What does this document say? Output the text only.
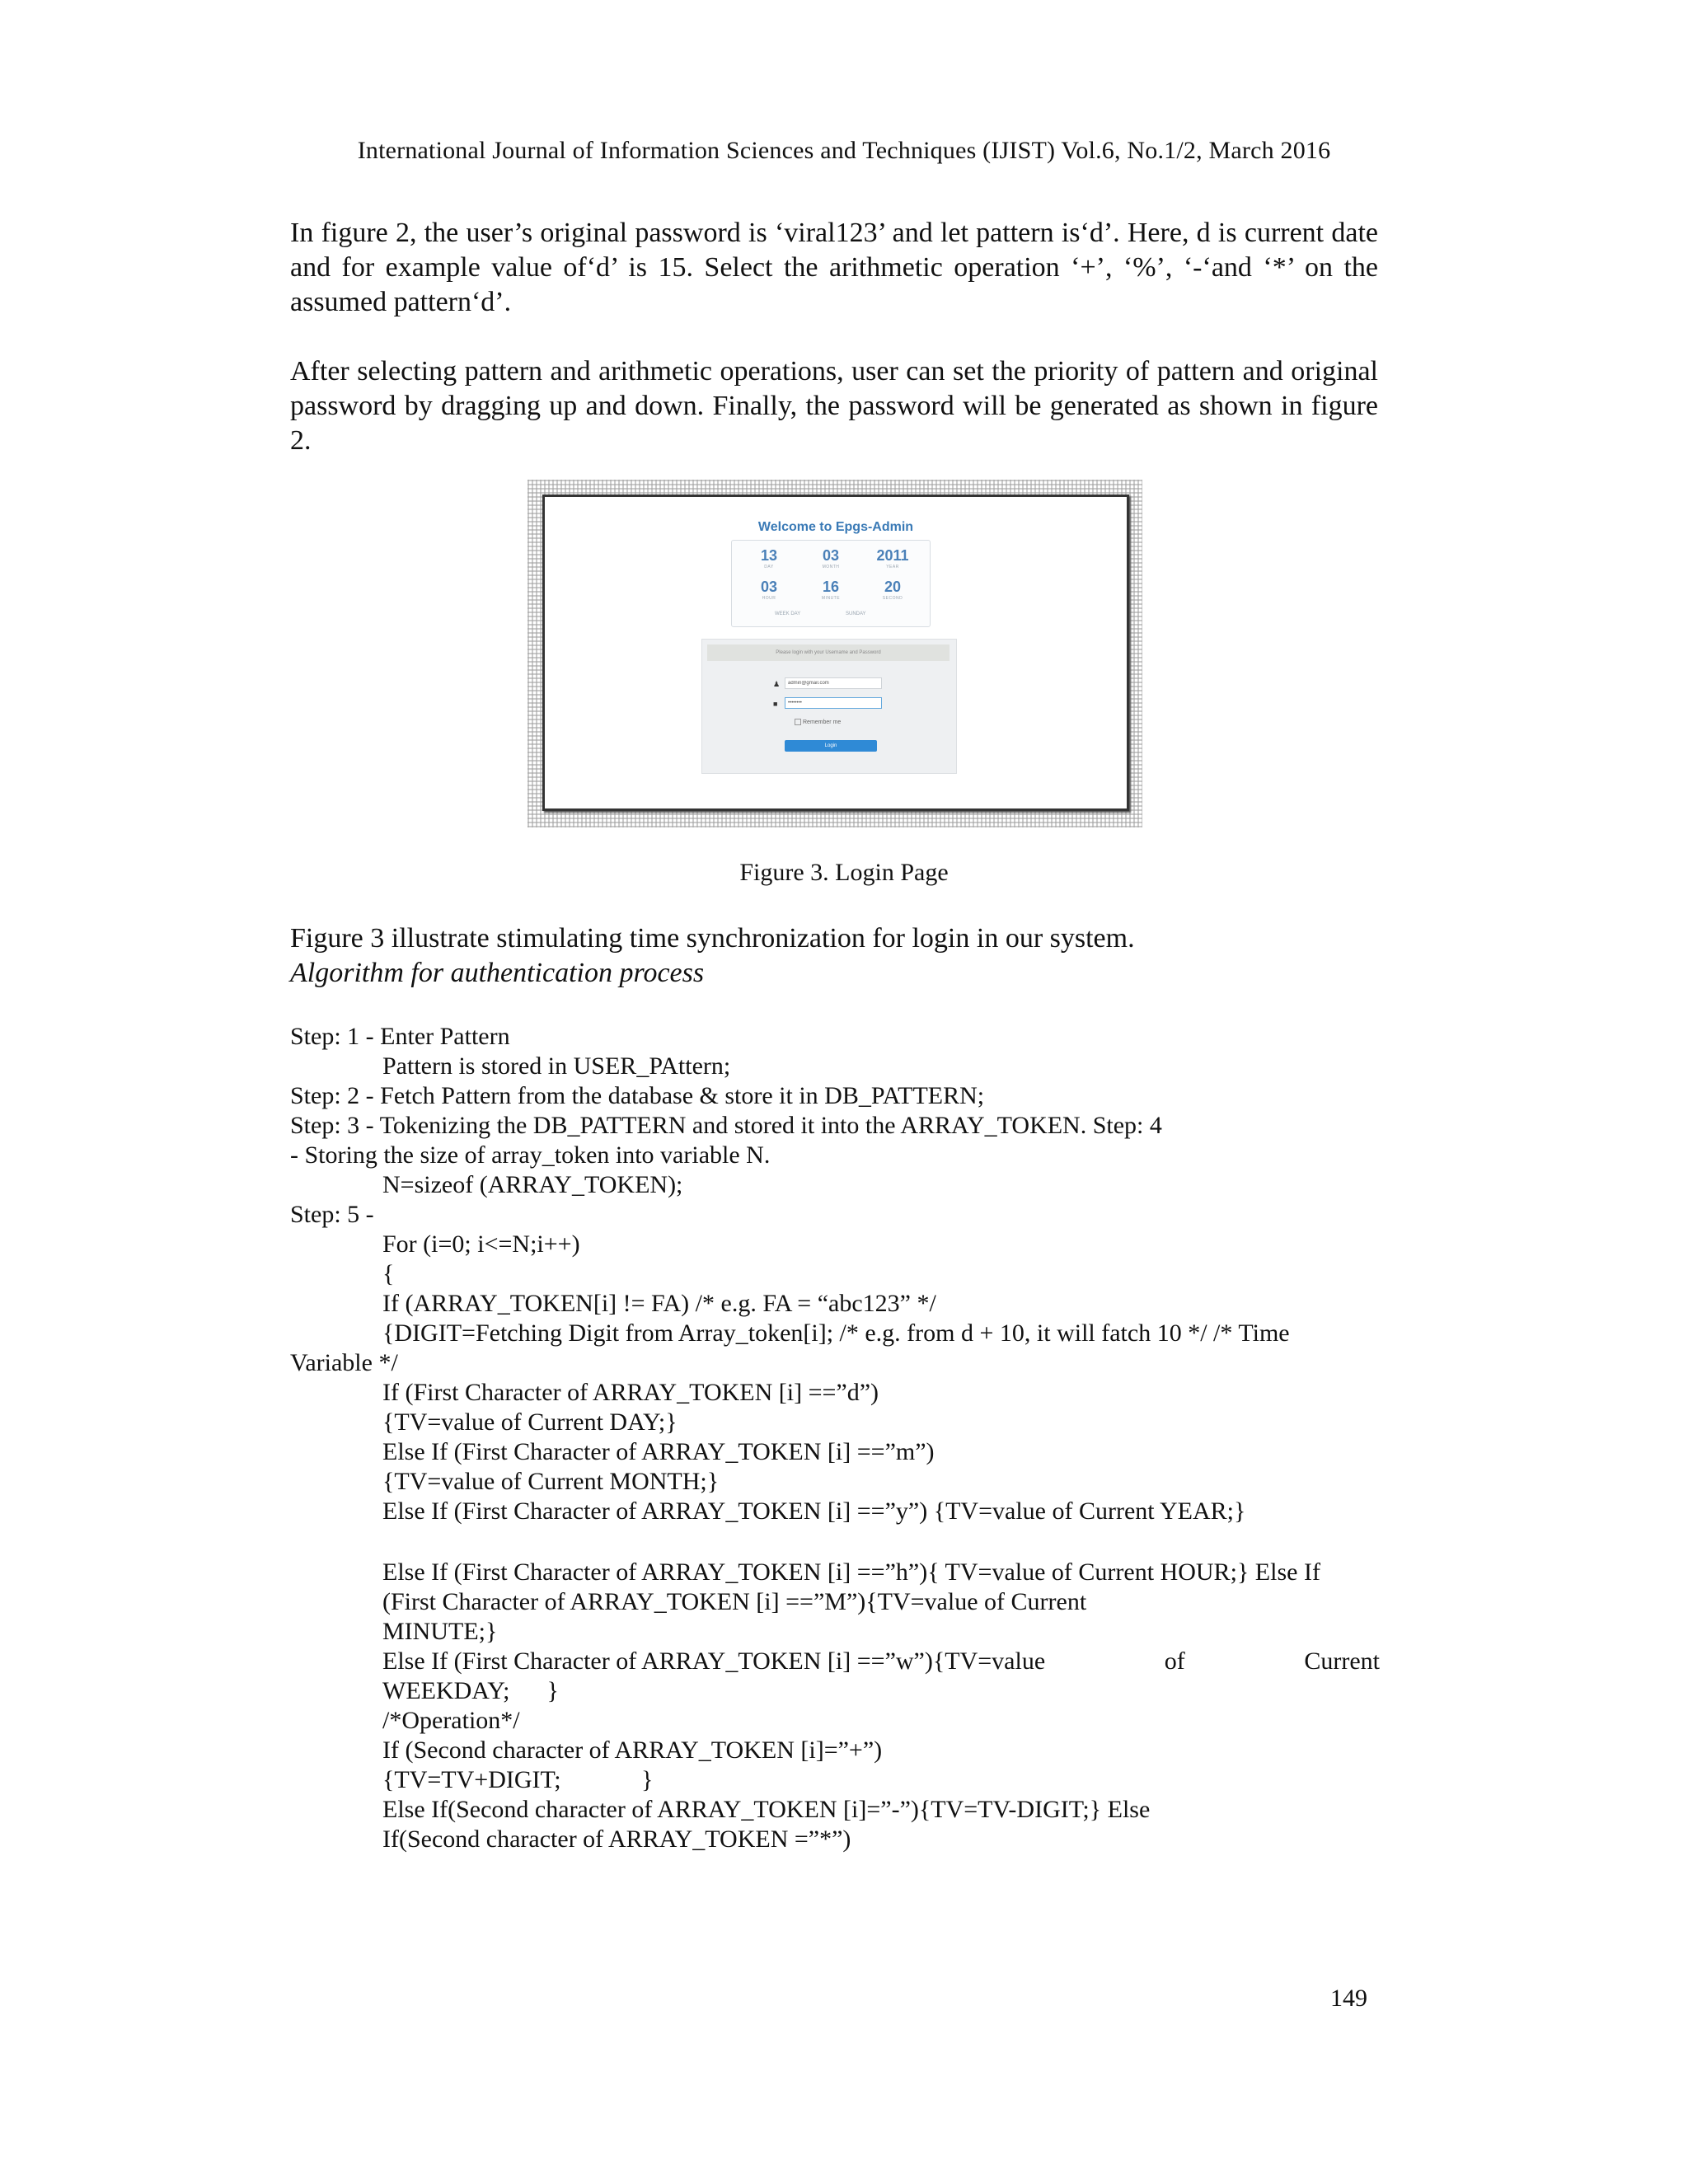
International Journal of Information Sciences and Techniques (IJIST) Vol.6, No.1/2, March 2016

In figure 2, the user’s original password is ‘viral123’ and let pattern is‘d’. Here, d is current date and for example value of‘d’ is 15. Select the arithmetic operation ‘+’, ‘%’, ‘-‘and ‘*’ on the assumed pattern‘d’.

After selecting pattern and arithmetic operations, user can set the priority of pattern and original password by dragging up and down. Finally, the password will be generated as shown in figure 2.

Welcome to Epgs-Admin
13
DAY
03
MONTH
2011
YEAR
03
HOUR
16
MINUTE
20
SECOND
WEEK DAY	SUNDAY
Please login with your Username and Password
♟
admin@gmail.com
■
••••••••
Remember me
Login
Figure 3. Login Page
Figure 3 illustrate stimulating time synchronization for login in our system.
Algorithm for authentication process
Step: 1 - Enter Pattern
Pattern is stored in USER_PAttern;
Step: 2 - Fetch Pattern from the database & store it in DB_PATTERN;
Step: 3 - Tokenizing the DB_PATTERN and stored it into the ARRAY_TOKEN. Step: 4
- Storing the size of array_token into variable N.
N=sizeof (ARRAY_TOKEN);
Step: 5 -
For (i=0; i<=N;i++)
{
If (ARRAY_TOKEN[i] != FA) /* e.g. FA = “abc123” */
{DIGIT=Fetching Digit from Array_token[i]; /* e.g. from d + 10, it will fatch 10 */ /* Time
Variable */
If (First Character of ARRAY_TOKEN [i] ==”d”)
{TV=value of Current DAY;}
Else If (First Character of ARRAY_TOKEN [i] ==”m”)
{TV=value of Current MONTH;}
Else If (First Character of ARRAY_TOKEN [i] ==”y”) {TV=value of Current YEAR;}
Else If (First Character of ARRAY_TOKEN [i] ==”h”){ TV=value of Current HOUR;} Else If
(First Character of ARRAY_TOKEN [i] ==”M”){TV=value of Current
MINUTE;}
Else If (First Character of ARRAY_TOKEN [i] ==”w”){TV=value	of	Current
WEEKDAY;      }
/*Operation*/
If (Second character of ARRAY_TOKEN [i]=”+”)
{TV=TV+DIGIT;             }
Else If(Second character of ARRAY_TOKEN [i]=”-”){TV=TV-DIGIT;} Else
If(Second character of ARRAY_TOKEN =”*”)
149
